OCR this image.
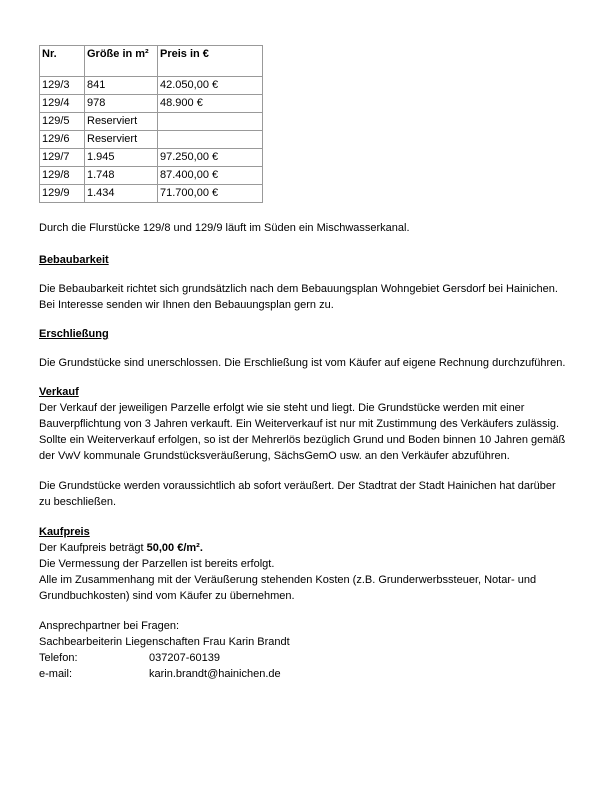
Nr.	Größe in m²	Preis in €
129/3	841	42.050,00 €
129/4	978	48.900 €
129/5	Reserviert	
129/6	Reserviert	
129/7	1.945	97.250,00 €
129/8	1.748	87.400,00 €
129/9	1.434	71.700,00 €

Durch die Flurstücke 129/8 und 129/9 läuft im Süden ein Mischwasserkanal.

Bebaubarkeit

Die Bebaubarkeit richtet sich grundsätzlich nach dem Bebauungsplan Wohngebiet Gersdorf bei Hainichen. Bei Interesse senden wir Ihnen den Bebauungsplan gern zu.

Erschließung

Die Grundstücke sind unerschlossen. Die Erschließung ist vom Käufer auf eigene Rechnung durchzuführen.

Verkauf

Der Verkauf der jeweiligen Parzelle erfolgt wie sie steht und liegt. Die Grundstücke werden mit einer Bauverpflichtung von 3 Jahren verkauft. Ein Weiterverkauf ist nur mit Zustimmung des Verkäufers zulässig. Sollte ein Weiterverkauf erfolgen, so ist der Mehrerlös bezüglich Grund und Boden binnen 10 Jahren gemäß der VwV kommunale Grundstücksveräußerung, SächsGemO usw. an den Verkäufer abzuführen.

Die Grundstücke werden voraussichtlich ab sofort veräußert. Der Stadtrat der Stadt Hainichen hat darüber zu beschließen.

Kaufpreis

Der Kaufpreis beträgt 50,00 €/m².

Die Vermessung der Parzellen ist bereits erfolgt.

Alle im Zusammenhang mit der Veräußerung stehenden Kosten (z.B. Grunderwerbssteuer, Notar- und Grundbuchkosten) sind vom Käufer zu übernehmen.

Ansprechpartner bei Fragen:

Sachbearbeiterin Liegenschaften Frau Karin Brandt

Telefon:	037207-60139
e-mail:	karin.brandt@hainichen.de
